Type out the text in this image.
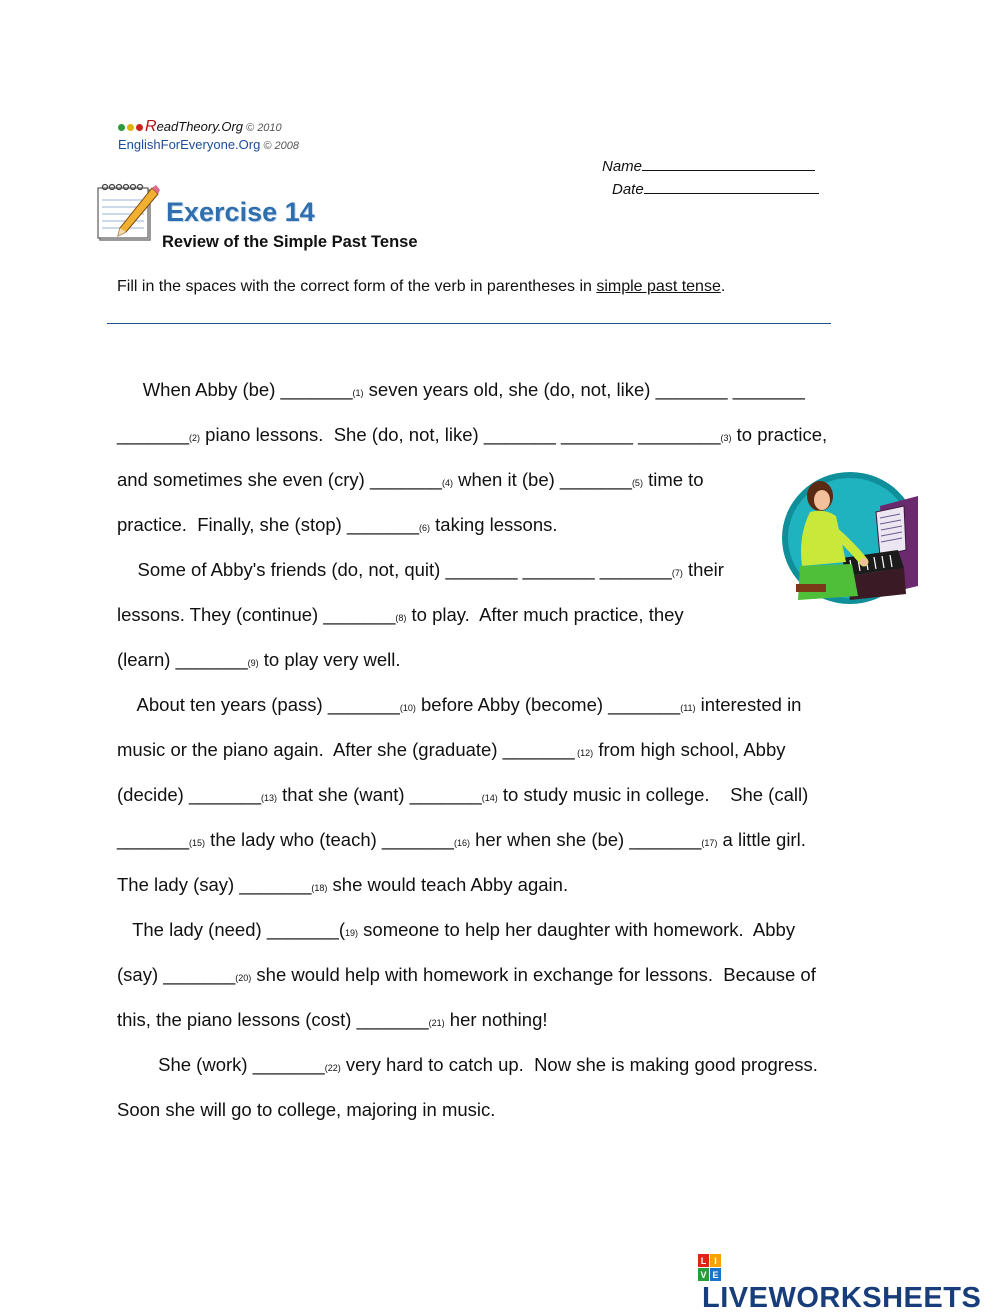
ReadTheory.Org © 2010
EnglishForEveryone.Org © 2008
Name
Date
Exercise 14
Review of the Simple Past Tense
Fill in the spaces with the correct form of the verb in parentheses in simple past tense.
When Abby (be) _______(1) seven years old, she (do, not, like) _______ _______
_______(2) piano lessons.  She (do, not, like) _______ _______ ________(3) to practice,
and sometimes she even (cry) _______(4) when it (be) _______(5) time to
practice.  Finally, she (stop) _______(6) taking lessons.
Some of Abby's friends (do, not, quit) _______ _______ _______(7) their
lessons. They (continue) _______(8) to play.  After much practice, they
(learn) _______(9) to play very well.
About ten years (pass) _______(10) before Abby (become) _______(11) interested in
music or the piano again.  After she (graduate) _______ (12) from high school, Abby
(decide) _______(13) that she (want) _______(14) to study music in college.    She (call)
_______(15) the lady who (teach) _______(16) her when she (be) _______(17) a little girl.
The lady (say) _______(18) she would teach Abby again.
The lady (need) _______(19) someone to help her daughter with homework.  Abby
(say) _______(20) she would help with homework in exchange for lessons.  Because of
this, the piano lessons (cost) _______(21) her nothing!
She (work) _______(22) very hard to catch up.  Now she is making good progress.
Soon she will go to college, majoring in music.
L I
V E
LIVEWORKSHEETS
